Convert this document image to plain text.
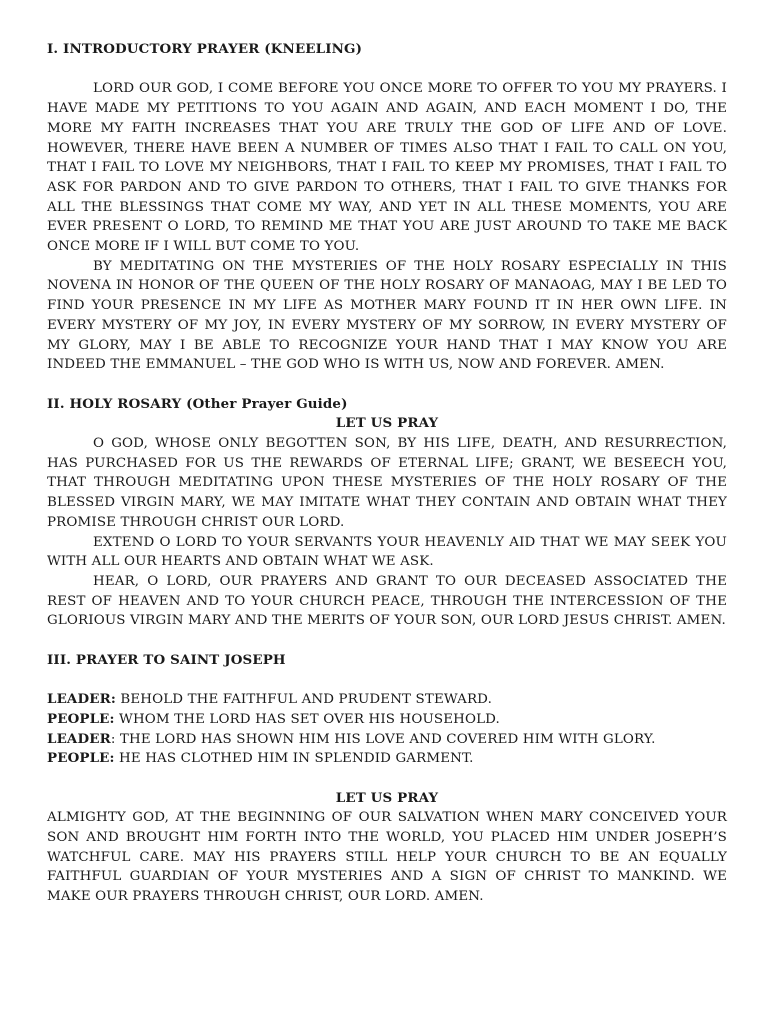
I. INTRODUCTORY PRAYER (KNEELING)

LORD OUR GOD, I COME BEFORE YOU ONCE MORE TO OFFER TO YOU MY PRAYERS. I HAVE MADE MY PETITIONS TO YOU AGAIN AND AGAIN, AND EACH MOMENT I DO, THE MORE MY FAITH INCREASES THAT YOU ARE TRULY THE GOD OF LIFE AND OF LOVE. HOWEVER, THERE HAVE BEEN A NUMBER OF TIMES ALSO THAT I FAIL TO CALL ON YOU, THAT I FAIL TO LOVE MY NEIGHBORS, THAT I FAIL TO KEEP MY PROMISES, THAT I FAIL TO ASK FOR PARDON AND TO GIVE PARDON TO OTHERS, THAT I FAIL TO GIVE THANKS FOR ALL THE BLESSINGS THAT COME MY WAY, AND YET IN ALL THESE MOMENTS, YOU ARE EVER PRESENT O LORD, TO REMIND ME THAT YOU ARE JUST AROUND TO TAKE ME BACK ONCE MORE IF I WILL BUT COME TO YOU.

BY MEDITATING ON THE MYSTERIES OF THE HOLY ROSARY ESPECIALLY IN THIS NOVENA IN HONOR OF THE QUEEN OF THE HOLY ROSARY OF MANAOAG, MAY I BE LED TO FIND YOUR PRESENCE IN MY LIFE AS MOTHER MARY FOUND IT IN HER OWN LIFE. IN EVERY MYSTERY OF MY JOY, IN EVERY MYSTERY OF MY SORROW, IN EVERY MYSTERY OF MY GLORY, MAY I BE ABLE TO RECOGNIZE YOUR HAND THAT I MAY KNOW YOU ARE INDEED THE EMMANUEL – THE GOD WHO IS WITH US, NOW AND FOREVER. AMEN.

II. HOLY ROSARY (Other Prayer Guide)

LET US PRAY

O GOD, WHOSE ONLY BEGOTTEN SON, BY HIS LIFE, DEATH, AND RESURRECTION, HAS PURCHASED FOR US THE REWARDS OF ETERNAL LIFE; GRANT, WE BESEECH YOU, THAT THROUGH MEDITATING UPON THESE MYSTERIES OF THE HOLY ROSARY OF THE BLESSED VIRGIN MARY, WE MAY IMITATE WHAT THEY CONTAIN AND OBTAIN WHAT THEY PROMISE THROUGH CHRIST OUR LORD.

EXTEND O LORD TO YOUR SERVANTS YOUR HEAVENLY AID THAT WE MAY SEEK YOU WITH ALL OUR HEARTS AND OBTAIN WHAT WE ASK.

HEAR, O LORD, OUR PRAYERS AND GRANT TO OUR DECEASED ASSOCIATED THE REST OF HEAVEN AND TO YOUR CHURCH PEACE, THROUGH THE INTERCESSION OF THE GLORIOUS VIRGIN MARY AND THE MERITS OF YOUR SON, OUR LORD JESUS CHRIST. AMEN.

III. PRAYER TO SAINT JOSEPH

LEADER: BEHOLD THE FAITHFUL AND PRUDENT STEWARD.

PEOPLE: WHOM THE LORD HAS SET OVER HIS HOUSEHOLD.

LEADER: THE LORD HAS SHOWN HIM HIS LOVE AND COVERED HIM WITH GLORY.

PEOPLE: HE HAS CLOTHED HIM IN SPLENDID GARMENT.

LET US PRAY

ALMIGHTY GOD, AT THE BEGINNING OF OUR SALVATION WHEN MARY CONCEIVED YOUR SON AND BROUGHT HIM FORTH INTO THE WORLD, YOU PLACED HIM UNDER JOSEPH’S WATCHFUL CARE. MAY HIS PRAYERS STILL HELP YOUR CHURCH TO BE AN EQUALLY FAITHFUL GUARDIAN OF YOUR MYSTERIES AND A SIGN OF CHRIST TO MANKIND. WE MAKE OUR PRAYERS THROUGH CHRIST, OUR LORD. AMEN.
